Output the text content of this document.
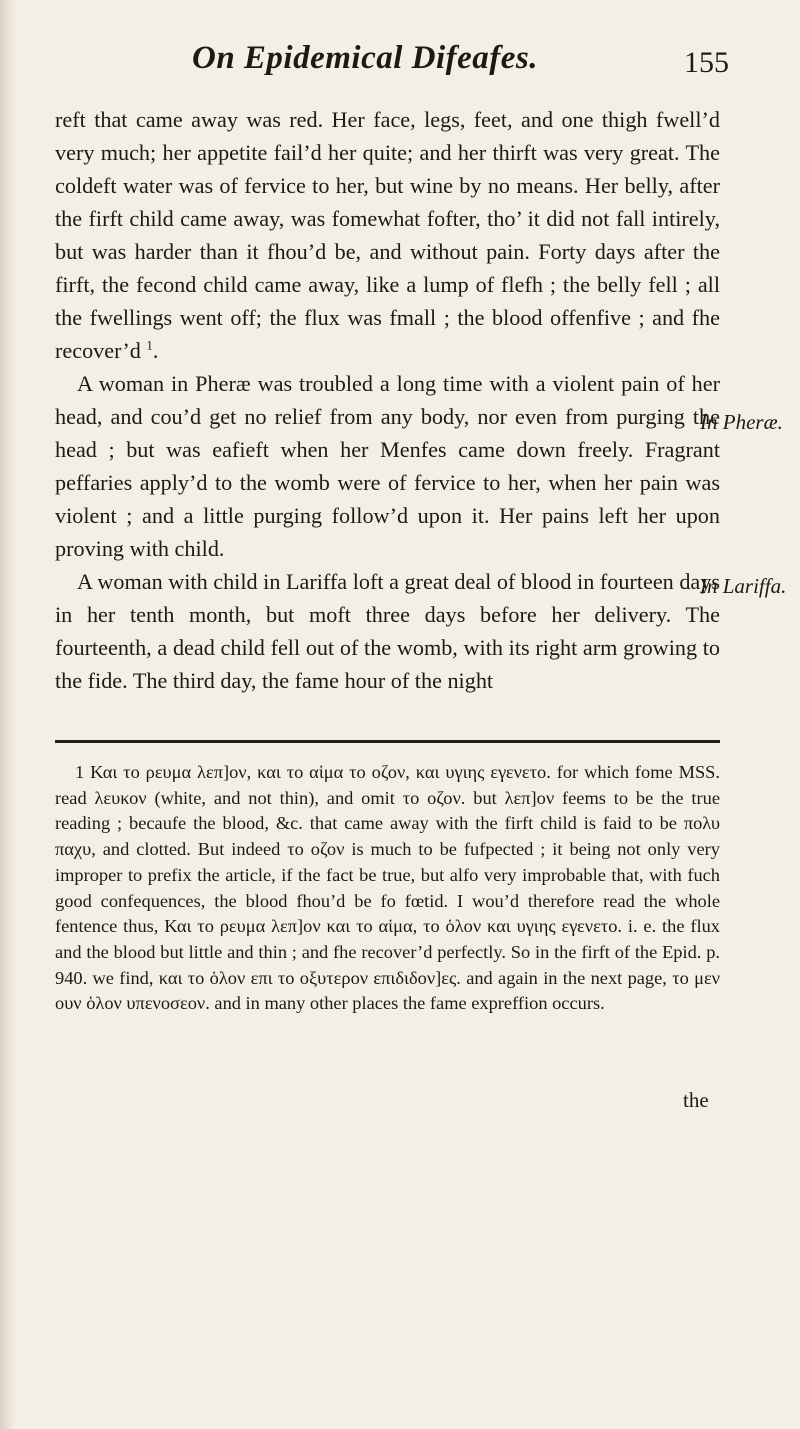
On Epidemical Difeafes.	155

reft that came away was red. Her face, legs, feet, and one thigh fwell’d very much; her appetite fail’d her quite; and her thirft was very great. The coldeft water was of fervice to her, but wine by no means. Her belly, after the firft child came away, was fomewhat fofter, tho’ it did not fall intirely, but was harder than it fhou’d be, and without pain. Forty days after the firft, the fecond child came away, like a lump of flefh ; the belly fell ; all the fwellings went off; the flux was fmall ; the blood offenfive ; and fhe recover’d $^1$.

A woman in Pheræ was troubled a long time with a violent pain of her head, and cou’d get no relief from any body, nor even from purging the head ; but was eafieft when her Menfes came down freely. Fragrant peffaries apply’d to the womb were of fervice to her, when her pain was violent ; and a little purging follow’d upon it. Her pains left her upon proving with child.

A woman with child in Lariffa loft a great deal of blood in fourteen days in her tenth month, but moft three days before her delivery. The fourteenth, a dead child fell out of the womb, with its right arm growing to the fide. The third day, the fame hour of the night

In Pheræ.
In Lariffa.

1 Και το ρευμα λεπ]ον, και το αἱμα το οζον, και υγιης εγενετο. for which fome MSS. read λευκον (white, and not thin), and omit το οζον. but λεπ]ον feems to be the true reading ; becaufe the blood, &c. that came away with the firft child is faid to be πολυ παχυ, and clotted. But indeed το οζον is much to be fufpected ; it being not only very improper to prefix the article, if the fact be true, but alfo very improbable that, with fuch good confequences, the blood fhou’d be fo fœtid. I wou’d therefore read the whole fentence thus, Και το ρευμα λεπ]ον και το αἱμα, το ὁλον και υγιης εγενετο. i. e. the flux and the blood but little and thin ; and fhe recover’d perfectly. So in the firft of the Epid. p. 940. we find, και το ὁλον επι το οξυτερον επιδιδον]ες. and again in the next page, το μεν ουν ὁλον υπενοσεον. and in many other places the fame expreffion occurs.

the
